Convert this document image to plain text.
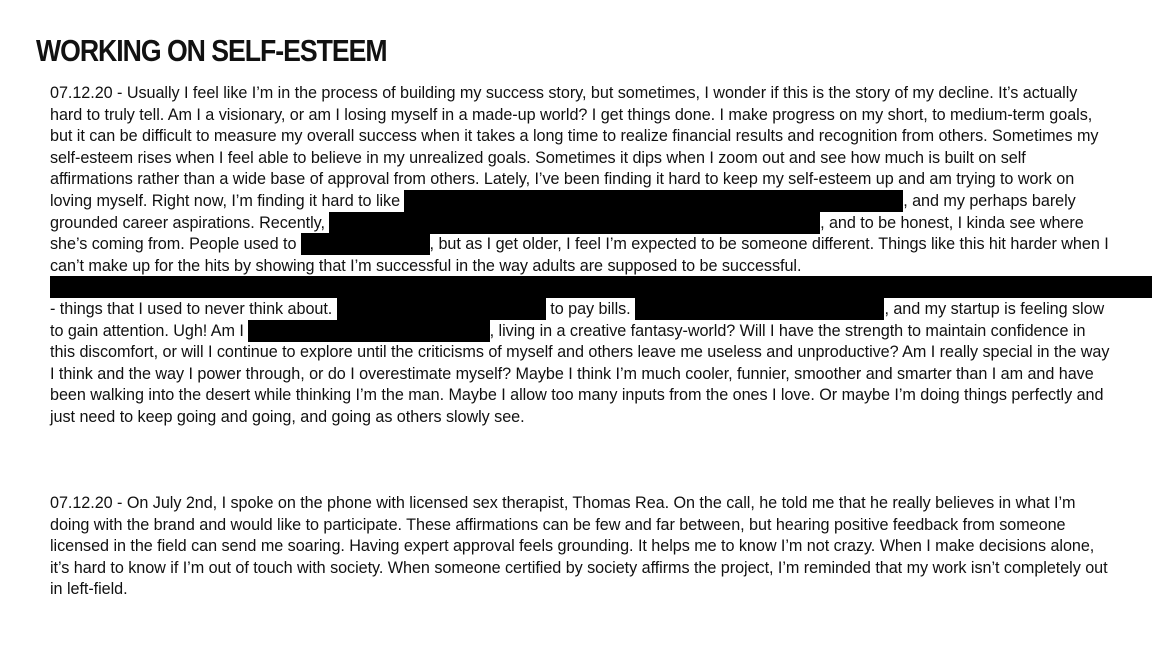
WORKING ON SELF-ESTEEM

07.12.20 - Usually I feel like I’m in the process of building my success story, but sometimes, I wonder if this is the story of my decline. It’s actually hard to truly tell. Am I a visionary, or am I losing myself in a made-up world? I get things done. I make progress on my short, to medium-term goals, but it can be difficult to measure my overall success when it takes a long time to realize financial results and recognition from others. Sometimes my self-esteem rises when I feel able to believe in my unrealized goals. Sometimes it dips when I zoom out and see how much is built on self affirmations rather than a wide base of approval from others. Lately, I’ve been finding it hard to keep my self-esteem up and am trying to work on loving myself. Right now, I’m finding it hard to like	, and my perhaps barely grounded career aspirations. Recently,	, and to be honest, I kinda see where she’s coming from. People used to	, but as I get older, I feel I’m expected to be someone different. Things like this hit harder when I can’t make up for the hits by showing that I’m successful in the way adults are supposed to be successful. - things that I used to never think about.	to pay bills.	, and my startup is feeling slow to gain attention. Ugh! Am I	, living in a creative fantasy-world? Will I have the strength to maintain confidence in this discomfort, or will I continue to explore until the criticisms of myself and others leave me useless and unproductive? Am I really special in the way I think and the way I power through, or do I overestimate myself? Maybe I think I’m much cooler, funnier, smoother and smarter than I am and have been walking into the desert while thinking I’m the man. Maybe I allow too many inputs from the ones I love. Or maybe I’m doing things perfectly and just need to keep going and going, and going as others slowly see.

07.12.20 - On July 2nd, I spoke on the phone with licensed sex therapist, Thomas Rea. On the call, he told me that he really believes in what I’m doing with the brand and would like to participate. These affirmations can be few and far between, but hearing positive feedback from someone licensed in the field can send me soaring. Having expert approval feels grounding. It helps me to know I’m not crazy. When I make decisions alone, it’s hard to know if I’m out of touch with society. When someone certified by society affirms the project, I’m reminded that my work isn’t completely out in left-field.
